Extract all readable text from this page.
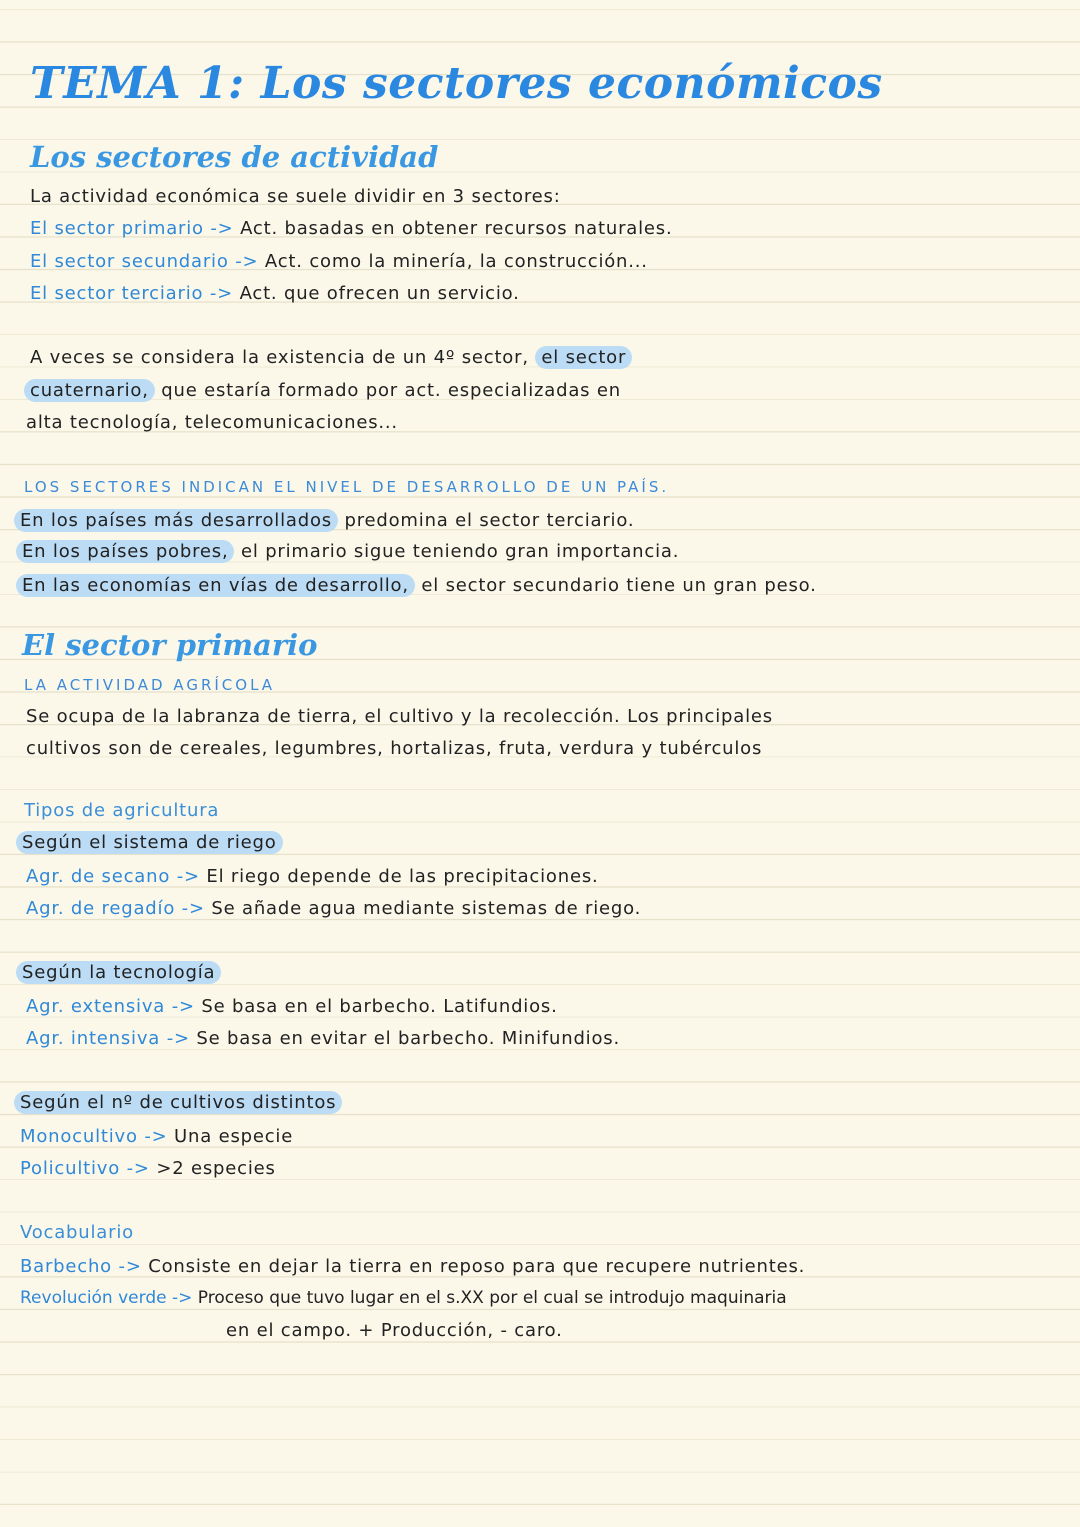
TEMA 1: Los sectores económicos
Los sectores de actividad
La actividad económica se suele dividir en 3 sectores:
El sector primario -> Act. basadas en obtener recursos naturales.
El sector secundario -> Act. como la minería, la construcción...
El sector terciario -> Act. que ofrecen un servicio.
A veces se considera la existencia de un 4º sector, el sector
cuaternario, que estaría formado por act. especializadas en
alta tecnología, telecomunicaciones...
LOS SECTORES INDICAN EL NIVEL DE DESARROLLO DE UN PAÍS.
En los países más desarrollados predomina el sector terciario.
En los países pobres, el primario sigue teniendo gran importancia.
En las economías en vías de desarrollo, el sector secundario tiene un gran peso.
El sector primario
LA ACTIVIDAD AGRÍCOLA
Se ocupa de la labranza de tierra, el cultivo y la recolección. Los principales
cultivos son de cereales, legumbres, hortalizas, fruta, verdura y tubérculos
Tipos de agricultura
Según el sistema de riego
Agr. de secano -> El riego depende de las precipitaciones.
Agr. de regadío -> Se añade agua mediante sistemas de riego.
Según la tecnología
Agr. extensiva -> Se basa en el barbecho. Latifundios.
Agr. intensiva -> Se basa en evitar el barbecho. Minifundios.
Según el nº de cultivos distintos
Monocultivo -> Una especie
Policultivo -> >2 especies
Vocabulario
Barbecho -> Consiste en dejar la tierra en reposo para que recupere nutrientes.
Revolución verde -> Proceso que tuvo lugar en el s.XX por el cual se introdujo maquinaria
en el campo. + Producción, - caro.
